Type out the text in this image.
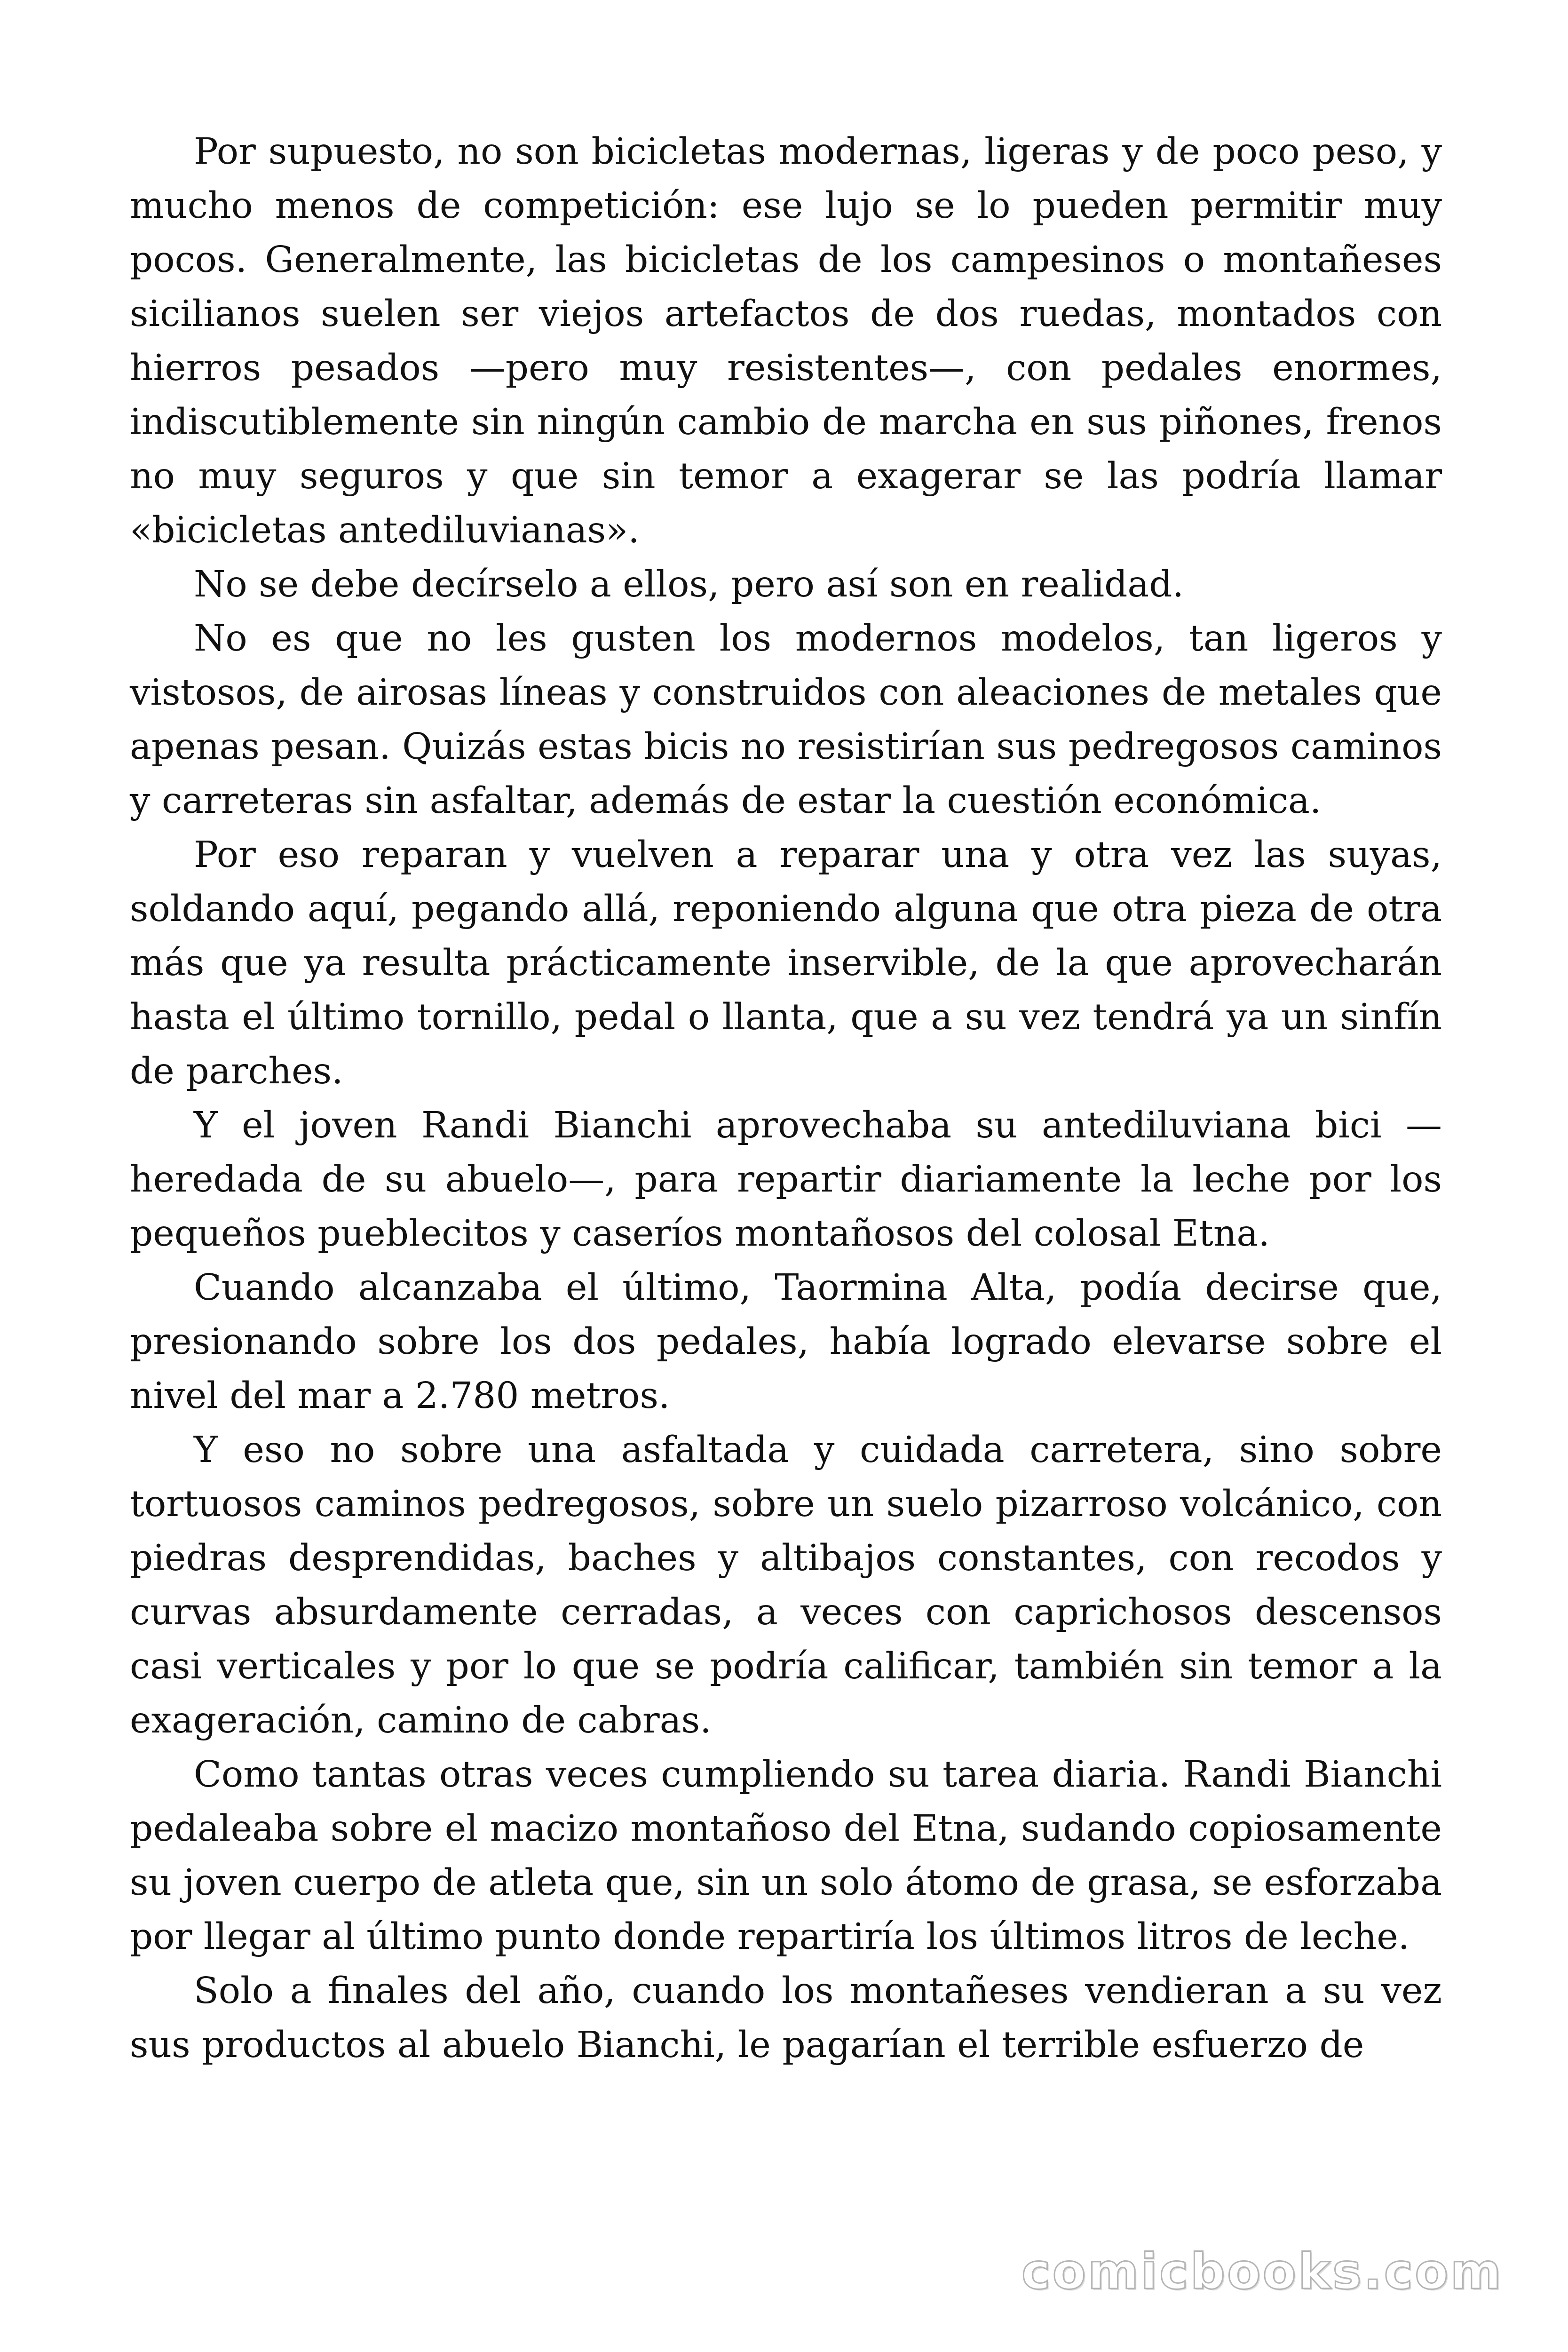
Por supuesto, no son bicicletas modernas, ligeras y de poco peso, y mucho menos de competición: ese lujo se lo pueden permitir muy pocos. Generalmente, las bicicletas de los campesinos o montañeses sicilianos suelen ser viejos artefactos de dos ruedas, montados con hierros pesados —pero muy resistentes—, con pedales enormes, indiscutiblemente sin ningún cambio de marcha en sus piñones, frenos no muy seguros y que sin temor a exagerar se las podría llamar «bicicletas antediluvianas».

No se debe decírselo a ellos, pero así son en realidad.

No es que no les gusten los modernos modelos, tan ligeros y vistosos, de airosas líneas y construidos con aleaciones de metales que apenas pesan. Quizás estas bicis no resistirían sus pedregosos caminos y carreteras sin asfaltar, además de estar la cuestión económica.

Por eso reparan y vuelven a reparar una y otra vez las suyas, soldando aquí, pegando allá, reponiendo alguna que otra pieza de otra más que ya resulta prácticamente inservible, de la que aprovecharán hasta el último tornillo, pedal o llanta, que a su vez tendrá ya un sinfín de parches.

Y el joven Randi Bianchi aprovechaba su antediluviana bici —heredada de su abuelo—, para repartir diariamente la leche por los pequeños pueblecitos y caseríos montañosos del colosal Etna.

Cuando alcanzaba el último, Taormina Alta, podía decirse que, presionando sobre los dos pedales, había logrado elevarse sobre el nivel del mar a 2.780 metros.

Y eso no sobre una asfaltada y cuidada carretera, sino sobre tortuosos caminos pedregosos, sobre un suelo pizarroso volcánico, con piedras desprendidas, baches y altibajos constantes, con recodos y curvas absurdamente cerradas, a veces con caprichosos descensos casi verticales y por lo que se podría calificar, también sin temor a la exageración, camino de cabras.

Como tantas otras veces cumpliendo su tarea diaria. Randi Bianchi pedaleaba sobre el macizo montañoso del Etna, sudando copiosamente su joven cuerpo de atleta que, sin un solo átomo de grasa, se esforzaba por llegar al último punto donde repartiría los últimos litros de leche.

Solo a finales del año, cuando los montañeses vendieran a su vez sus productos al abuelo Bianchi, le pagarían el terrible esfuerzo de

comicbooks.com
